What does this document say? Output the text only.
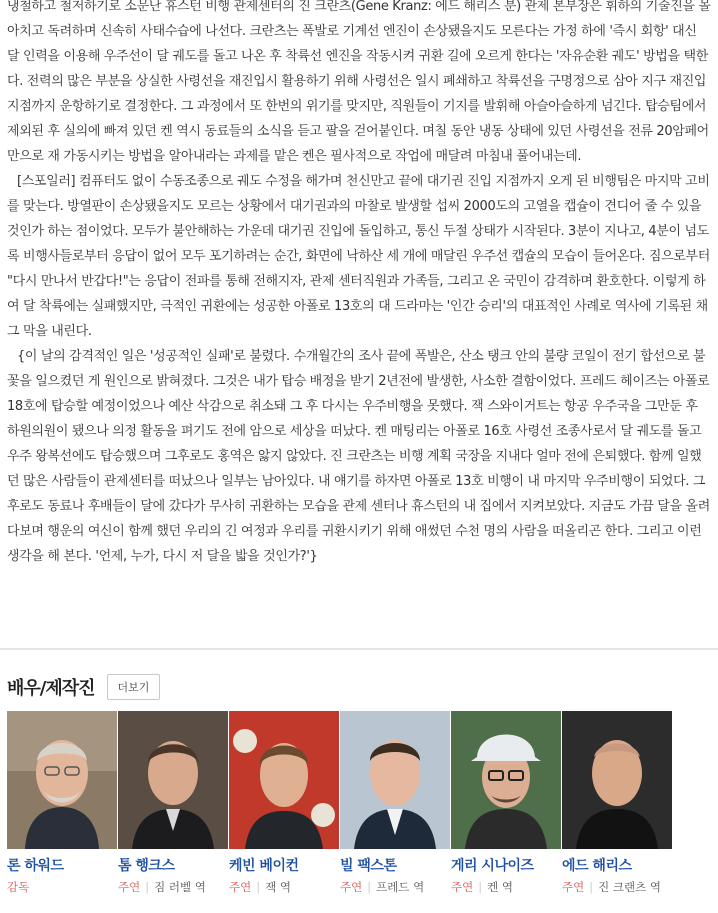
냉철하고 철저하기로 소문난 휴스턴 비행 관제센터의 진 크란츠(Gene Kranz: 에드 해리스 분) 관제 본부장은 휘하의 기술진을 몰아치고 독려하며 신속히 사태수습에 나선다. 크란츠는 폭발로 기계선 엔진이 손상됐을지도 모른다는 가정 하에 '즉시 회항' 대신 달 인력을 이용해 우주선이 달 궤도를 돌고 나온 후 착륙선 엔진을 작동시켜 귀환 길에 오르게 한다는 '자유순환 궤도' 방법을 택한다. 전력의 많은 부분을 상실한 사령선을 재진입시 활용하기 위해 사령선은 일시 폐쇄하고 착륙선을 구명정으로 삼아 지구 재진입 지점까지 운항하기로 결정한다. 그 과정에서 또 한번의 위기를 맞지만, 직원들이 기지를 발휘해 아슬아슬하게 넘긴다. 탑승팀에서 제외된 후 실의에 빠져 있던 켄 역시 동료들의 소식을 듣고 팔을 걷어붙인다. 며칠 동안 냉동 상태에 있던 사령선을 전류 20암페어만으로 재 가동시키는 방법을 알아내라는 과제를 맡은 켄은 필사적으로 작업에 매달려 마침내 풀어내는데.

[스포일러] 컴퓨터도 없이 수동조종으로 궤도 수정을 해가며 천신만고 끝에 대기권 진입 지점까지 오게 된 비행팀은 마지막 고비를 맞는다. 방열판이 손상됐을지도 모르는 상황에서 대기권과의 마찰로 발생할 섭씨 2000도의 고열을 캡슐이 견디어 줄 수 있을 것인가 하는 점이었다. 모두가 불안해하는 가운데 대기권 진입에 돌입하고, 통신 두절 상태가 시작된다. 3분이 지나고, 4분이 넘도록 비행사들로부터 응답이 없어 모두 포기하려는 순간, 화면에 낙하산 세 개에 매달린 우주선 캡슐의 모습이 들어온다. 짐으로부터 "다시 만나서 반갑다!"는 응답이 전파를 통해 전해지자, 관제 센터직원과 가족들, 그리고 온 국민이 감격하며 환호한다. 이렇게 하여 달 착륙에는 실패했지만, 극적인 귀환에는 성공한 아폴로 13호의 대 드라마는 '인간 승리'의 대표적인 사례로 역사에 기록된 채 그 막을 내린다.

{이 날의 감격적인 일은 '성공적인 실패'로 불렸다. 수개월간의 조사 끝에 폭발은, 산소 탱크 안의 불량 코일이 전기 합선으로 불꽃을 일으켰던 게 원인으로 밝혀졌다. 그것은 내가 탑승 배정을 받기 2년전에 발생한, 사소한 결함이었다. 프레드 헤이즈는 아폴로 18호에 탑승할 예정이었으나 예산 삭감으로 취소돼 그 후 다시는 우주비행을 못했다. 잭 스와이거트는 항공 우주국을 그만둔 후 하원의원이 됐으나 의정 활동을 펴기도 전에 암으로 세상을 떠났다. 켄 매팅리는 아폴로 16호 사령선 조종사로서 달 궤도를 돌고 우주 왕복선에도 탑승했으며 그후로도 홍역은 앓지 않았다. 진 크란츠는 비행 계획 국장을 지내다 얼마 전에 은퇴했다. 함께 일했던 많은 사람들이 관제센터를 떠났으나 일부는 남아있다. 내 얘기를 하자면 아폴로 13호 비행이 내 마지막 우주비행이 되었다. 그 후로도 동료나 후배들이 달에 갔다가 무사히 귀환하는 모습을 관제 센터나 휴스턴의 내 집에서 지켜보았다. 지금도 가끔 달을 올려다보며 행운의 여신이 함께 했던 우리의 긴 여정과 우리를 귀환시키기 위해 애썼던 수천 명의 사람을 떠올리곤 한다. 그리고 이런 생각을 해 본다. '언제, 누가, 다시 저 달을 밟을 것인가?'}

배우/제작진	더보기
론 하워드
감독
톰 행크스
주연 | 짐 러벨 역
케빈 베이컨
주연 | 잭 역
빌 팩스톤
주연 | 프레드 역
게리 시나이즈
주연 | 켄 역
에드 해리스
주연 | 진 크랜츠 역
